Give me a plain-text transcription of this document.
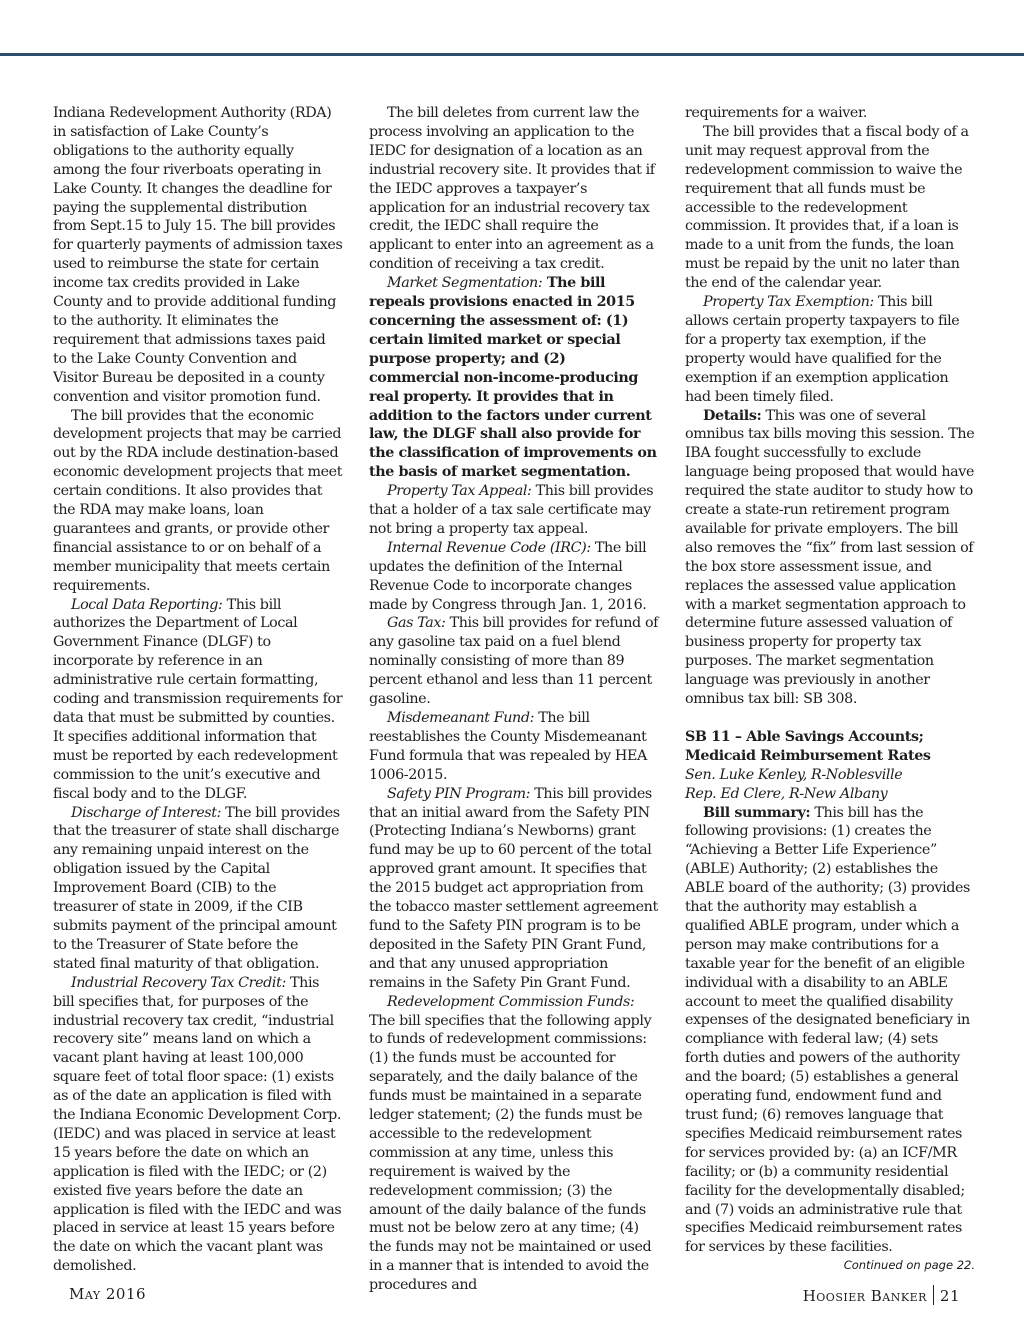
Indiana Redevelopment Authority (RDA) in satisfaction of Lake County’s obligations to the authority equally among the four riverboats operating in Lake County. It changes the deadline for paying the supplemental distribution from Sept.15 to July 15. The bill provides for quarterly payments of admission taxes used to reimburse the state for certain income tax credits provided in Lake County and to provide additional funding to the authority. It eliminates the requirement that admissions taxes paid to the Lake County Convention and Visitor Bureau be deposited in a county convention and visitor promotion fund.

The bill provides that the economic development projects that may be carried out by the RDA include destination-based economic development projects that meet certain conditions. It also provides that the RDA may make loans, loan guarantees and grants, or provide other financial assistance to or on behalf of a member municipality that meets certain requirements.

Local Data Reporting: This bill authorizes the Department of Local Government Finance (DLGF) to incorporate by reference in an administrative rule certain formatting, coding and transmission requirements for data that must be submitted by counties. It specifies additional information that must be reported by each redevelopment commission to the unit’s executive and fiscal body and to the DLGF.

Discharge of Interest: The bill provides that the treasurer of state shall discharge any remaining unpaid interest on the obligation issued by the Capital Improvement Board (CIB) to the treasurer of state in 2009, if the CIB submits payment of the principal amount to the Treasurer of State before the stated final maturity of that obligation.

Industrial Recovery Tax Credit: This bill specifies that, for purposes of the industrial recovery tax credit, “industrial recovery site” means land on which a vacant plant having at least 100,000 square feet of total floor space: (1) exists as of the date an application is filed with the Indiana Economic Development Corp. (IEDC) and was placed in service at least 15 years before the date on which an application is filed with the IEDC; or (2) existed five years before the date an application is filed with the IEDC and was placed in service at least 15 years before the date on which the vacant plant was demolished.

The bill deletes from current law the process involving an application to the IEDC for designation of a location as an industrial recovery site. It provides that if the IEDC approves a taxpayer’s application for an industrial recovery tax credit, the IEDC shall require the applicant to enter into an agreement as a condition of receiving a tax credit.

Market Segmentation: The bill repeals provisions enacted in 2015 concerning the assessment of: (1) certain limited market or special purpose property; and (2) commercial non-income-producing real property. It provides that in addition to the factors under current law, the DLGF shall also provide for the classification of improvements on the basis of market segmentation.

Property Tax Appeal: This bill provides that a holder of a tax sale certificate may not bring a property tax appeal.

Internal Revenue Code (IRC): The bill updates the definition of the Internal Revenue Code to incorporate changes made by Congress through Jan. 1, 2016.

Gas Tax: This bill provides for refund of any gasoline tax paid on a fuel blend nominally consisting of more than 89 percent ethanol and less than 11 percent gasoline.

Misdemeanant Fund: The bill reestablishes the County Misdemeanant Fund formula that was repealed by HEA 1006-2015.

Safety PIN Program: This bill provides that an initial award from the Safety PIN (Protecting Indiana’s Newborns) grant fund may be up to 60 percent of the total approved grant amount. It specifies that the 2015 budget act appropriation from the tobacco master settlement agreement fund to the Safety PIN program is to be deposited in the Safety PIN Grant Fund, and that any unused appropriation remains in the Safety Pin Grant Fund.

Redevelopment Commission Funds: The bill specifies that the following apply to funds of redevelopment commissions: (1) the funds must be accounted for separately, and the daily balance of the funds must be maintained in a separate ledger statement; (2) the funds must be accessible to the redevelopment commission at any time, unless this requirement is waived by the redevelopment commission; (3) the amount of the daily balance of the funds must not be below zero at any time; (4) the funds may not be maintained or used in a manner that is intended to avoid the procedures and

requirements for a waiver.

The bill provides that a fiscal body of a unit may request approval from the redevelopment commission to waive the requirement that all funds must be accessible to the redevelopment commission. It provides that, if a loan is made to a unit from the funds, the loan must be repaid by the unit no later than the end of the calendar year.

Property Tax Exemption: This bill allows certain property taxpayers to file for a property tax exemption, if the property would have qualified for the exemption if an exemption application had been timely filed.

Details: This was one of several omnibus tax bills moving this session. The IBA fought successfully to exclude language being proposed that would have required the state auditor to study how to create a state-run retirement program available for private employers. The bill also removes the “fix” from last session of the box store assessment issue, and replaces the assessed value application with a market segmentation approach to determine future assessed valuation of business property for property tax purposes. The market segmentation language was previously in another omnibus tax bill: SB 308.

SB 11 – Able Savings Accounts; Medicaid Reimbursement Rates

Sen. Luke Kenley, R-Noblesville

Rep. Ed Clere, R-New Albany

Bill summary: This bill has the following provisions: (1) creates the “Achieving a Better Life Experience” (ABLE) Authority; (2) establishes the ABLE board of the authority; (3) provides that the authority may establish a qualified ABLE program, under which a person may make contributions for a taxable year for the benefit of an eligible individual with a disability to an ABLE account to meet the qualified disability expenses of the designated beneficiary in compliance with federal law; (4) sets forth duties and powers of the authority and the board; (5) establishes a general operating fund, endowment fund and trust fund; (6) removes language that specifies Medicaid reimbursement rates for services provided by: (a) an ICF/MR facility; or (b) a community residential facility for the developmentally disabled; and (7) voids an administrative rule that specifies Medicaid reimbursement rates for services by these facilities.

Continued on page 22.

May 2016	Hoosier Banker 21
